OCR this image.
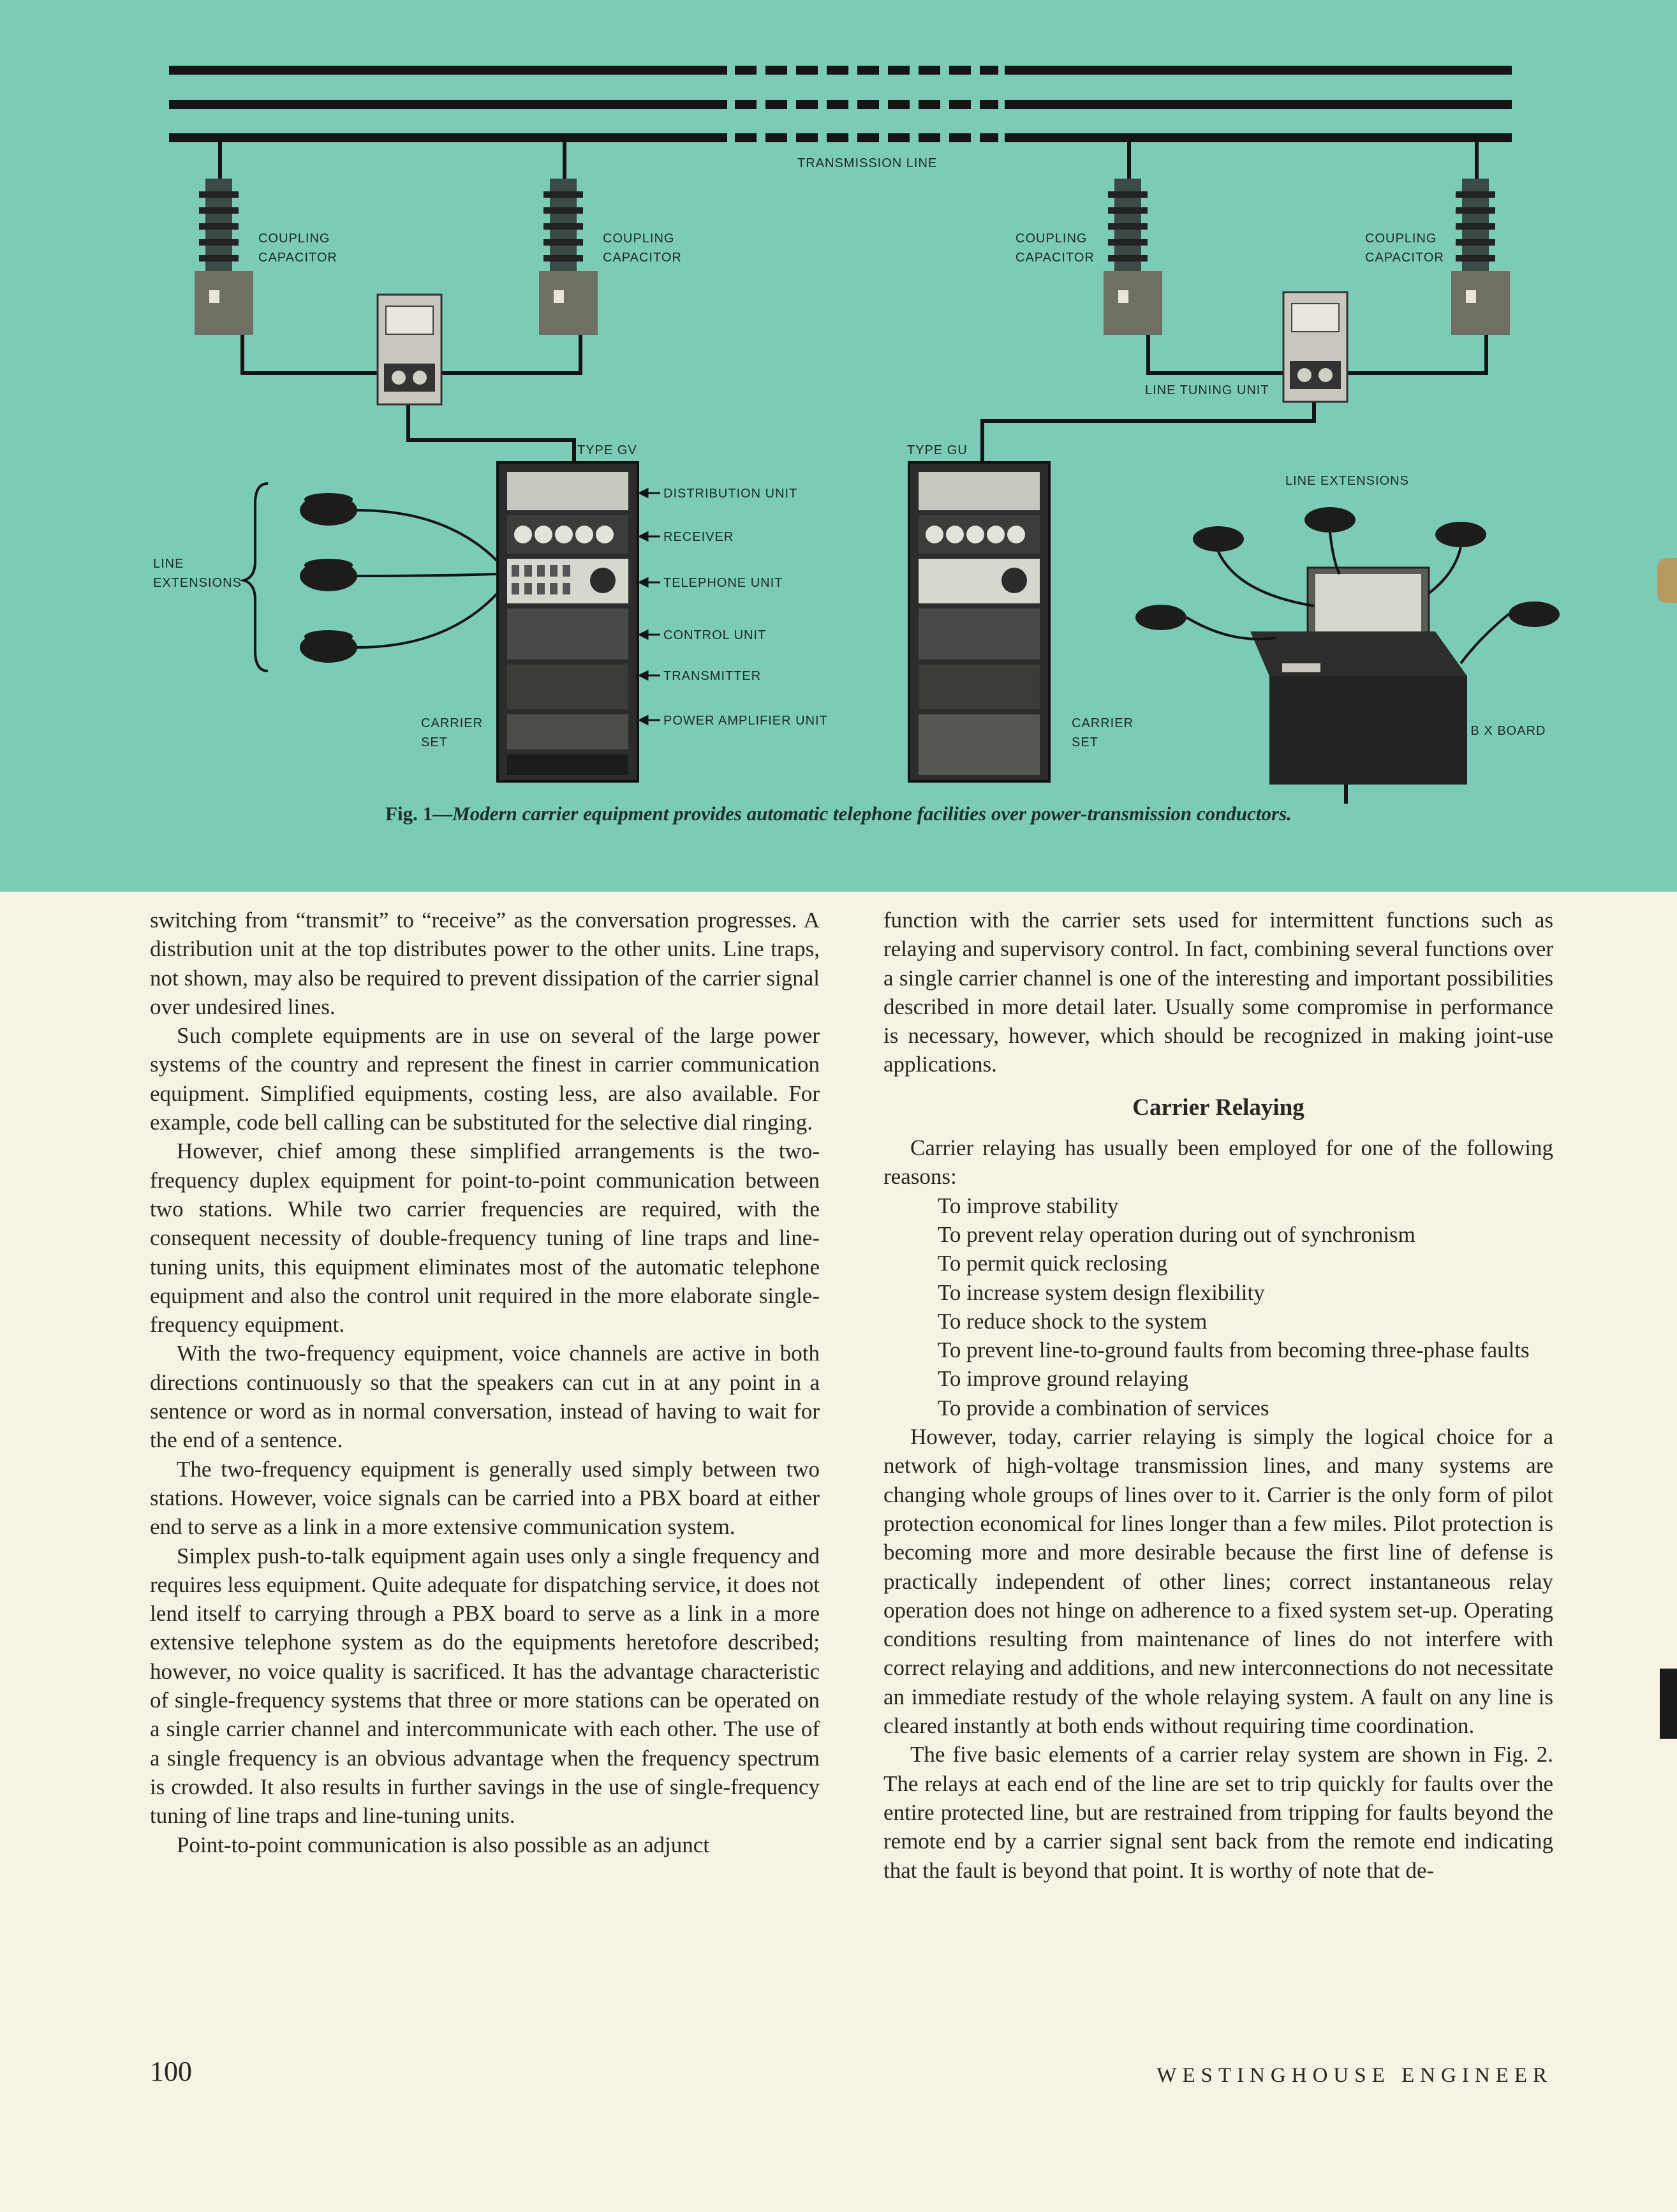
TRANSMISSION LINE
COUPLING
CAPACITOR
COUPLING
CAPACITOR
COUPLING
CAPACITOR
COUPLING
CAPACITOR
LINE TUNING UNIT
TYPE GV	TYPE GU
DISTRIBUTION UNIT
RECEIVER
TELEPHONE UNIT
CONTROL UNIT
TRANSMITTER
POWER AMPLIFIER UNIT
LINE
EXTENSIONS
CARRIER
SET
CARRIER
SET
LINE EXTENSIONS
P B X BOARD
Fig. 1—Modern carrier equipment provides automatic telephone facilities over power-transmission conductors.

switching from “transmit” to “receive” as the conversation progresses. A distribution unit at the top distributes power to the other units. Line traps, not shown, may also be required to prevent dissipation of the carrier signal over undesired lines.

Such complete equipments are in use on several of the large power systems of the country and represent the finest in carrier communication equipment. Simplified equipments, costing less, are also available. For example, code bell calling can be substituted for the selective dial ringing.

However, chief among these simplified arrangements is the two-frequency duplex equipment for point-to-point communication between two stations. While two carrier frequencies are required, with the consequent necessity of double-frequency tuning of line traps and line-tuning units, this equipment eliminates most of the automatic telephone equipment and also the control unit required in the more elaborate single-frequency equipment.

With the two-frequency equipment, voice channels are active in both directions continuously so that the speakers can cut in at any point in a sentence or word as in normal conversation, instead of having to wait for the end of a sentence.

The two-frequency equipment is generally used simply between two stations. However, voice signals can be carried into a PBX board at either end to serve as a link in a more extensive communication system.

Simplex push-to-talk equipment again uses only a single frequency and requires less equipment. Quite adequate for dispatching service, it does not lend itself to carrying through a PBX board to serve as a link in a more extensive telephone system as do the equipments heretofore described; however, no voice quality is sacrificed. It has the advantage characteristic of single-frequency systems that three or more stations can be operated on a single carrier channel and intercommunicate with each other. The use of a single frequency is an obvious advantage when the frequency spectrum is crowded. It also results in further savings in the use of single-frequency tuning of line traps and line-tuning units.

Point-to-point communication is also possible as an adjunct

function with the carrier sets used for intermittent functions such as relaying and supervisory control. In fact, combining several functions over a single carrier channel is one of the interesting and important possibilities described in more detail later. Usually some compromise in performance is necessary, however, which should be recognized in making joint-use applications.

Carrier Relaying

Carrier relaying has usually been employed for one of the following reasons:

To improve stability
To prevent relay operation during out of synchronism
To permit quick reclosing
To increase system design flexibility
To reduce shock to the system
To prevent line-to-ground faults from becoming three-phase faults
To improve ground relaying
To provide a combination of services

However, today, carrier relaying is simply the logical choice for a network of high-voltage transmission lines, and many systems are changing whole groups of lines over to it. Carrier is the only form of pilot protection economical for lines longer than a few miles. Pilot protection is becoming more and more desirable because the first line of defense is practically independent of other lines; correct instantaneous relay operation does not hinge on adherence to a fixed system set-up. Operating conditions resulting from maintenance of lines do not interfere with correct relaying and additions, and new interconnections do not necessitate an immediate restudy of the whole relaying system. A fault on any line is cleared instantly at both ends without requiring time coordination.

The five basic elements of a carrier relay system are shown in Fig. 2. The relays at each end of the line are set to trip quickly for faults over the entire protected line, but are restrained from tripping for faults beyond the remote end by a carrier signal sent back from the remote end indicating that the fault is beyond that point. It is worthy of note that de-

100	WESTINGHOUSE ENGINEER
